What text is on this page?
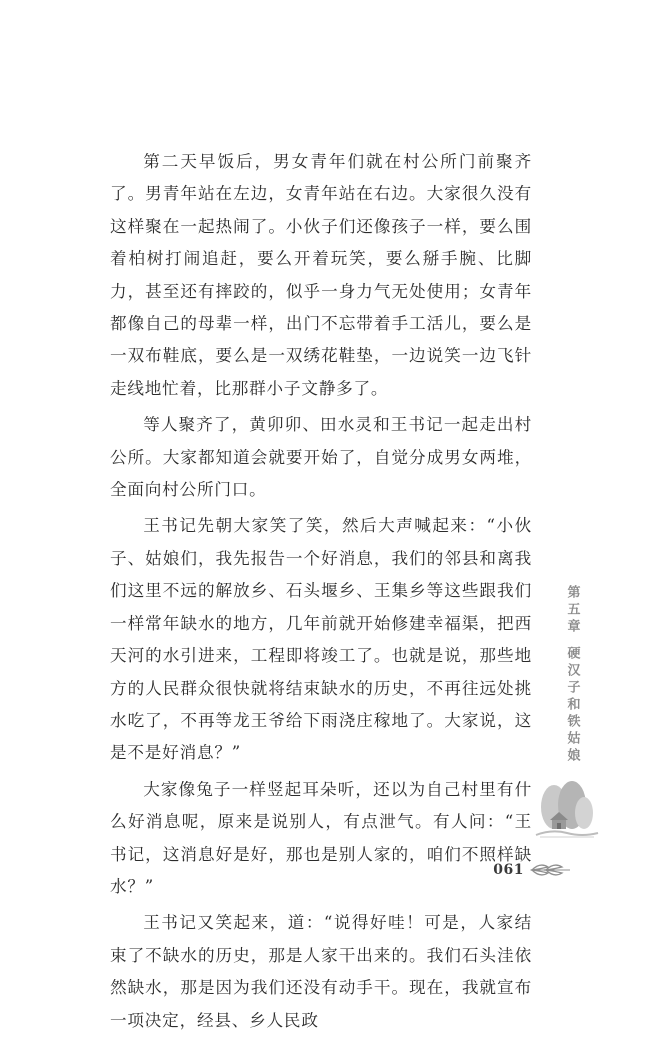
第二天早饭后，男女青年们就在村公所门前聚齐了。男青年站在左边，女青年站在右边。大家很久没有这样聚在一起热闹了。小伙子们还像孩子一样，要么围着柏树打闹追赶，要么开着玩笑，要么掰手腕、比脚力，甚至还有摔跤的，似乎一身力气无处使用；女青年都像自己的母辈一样，出门不忘带着手工活儿，要么是一双布鞋底，要么是一双绣花鞋垫，一边说笑一边飞针走线地忙着，比那群小子文静多了。

等人聚齐了，黄卯卯、田水灵和王书记一起走出村公所。大家都知道会就要开始了，自觉分成男女两堆，全面向村公所门口。

王书记先朝大家笑了笑，然后大声喊起来：“小伙子、姑娘们，我先报告一个好消息，我们的邻县和离我们这里不远的解放乡、石头堰乡、王集乡等这些跟我们一样常年缺水的地方，几年前就开始修建幸福渠，把西天河的水引进来，工程即将竣工了。也就是说，那些地方的人民群众很快就将结束缺水的历史，不再往远处挑水吃了，不再等龙王爷给下雨浇庄稼地了。大家说，这是不是好消息？”

大家像兔子一样竖起耳朵听，还以为自己村里有什么好消息呢，原来是说别人，有点泄气。有人问：“王书记，这消息好是好，那也是别人家的，咱们不照样缺水？”

王书记又笑起来，道：“说得好哇！可是，人家结束了不缺水的历史，那是人家干出来的。我们石头洼依然缺水，那是因为我们还没有动手干。现在，我就宣布一项决定，经县、乡人民政

第五章
硬汉子和铁姑娘
061
